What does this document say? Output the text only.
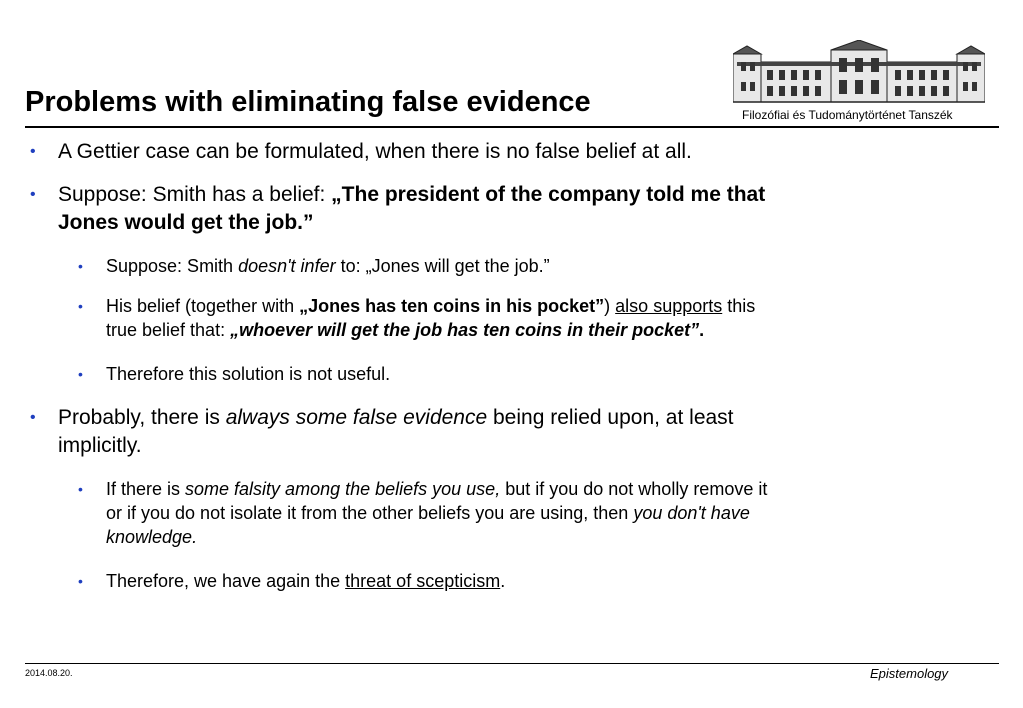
Problems with eliminating false evidence	Filozófiai és Tudománytörténet Tanszék
• A Gettier case can be formulated, when there is no false belief at all.
• Suppose: Smith has a belief: „The president of the company told me that
Jones would get the job.”
• Suppose: Smith doesn't infer to: „Jones will get the job.”
• His belief (together with „Jones has ten coins in his pocket”) also supports this
true belief that: „whoever will get the job has ten coins in their pocket”.
• Therefore this solution is not useful.
• Probably, there is always some false evidence being relied upon, at least
implicitly.
• If there is some falsity among the beliefs you use, but if you do not wholly remove it
or if you do not isolate it from the other beliefs you are using, then you don't have
knowledge.
• Therefore, we have again the threat of scepticism.
2014.08.20.	Epistemology
